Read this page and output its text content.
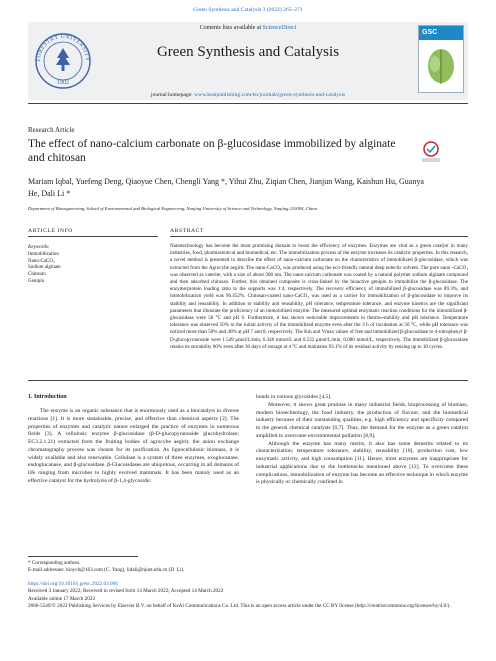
Green Synthesis and Catalysis 3 (2022) 265–271
FORESTRY UNIVERSITY
1902
Contents lists available at ScienceDirect
Green Synthesis and Catalysis
GSC
journal homepage: www.keaipublishing.com/en/journals/green-synthesis-and-catalysis
Research Article
The effect of nano-calcium carbonate on β-glucosidase immobilized by alginate and chitosan
Mariam Iqbal, Yuefeng Deng, Qiaoyue Chen, Chengli Yang *, Yihui Zhu, Ziqian Chen, Jianjun Wang, Kaishun Hu, Guanya He, Dali Li *
Department of Bioengineering, School of Environmental and Biological Engineering, Nanjing University of Science and Technology, Nanjing 210094, China
ARTICLE INFO	ABSTRACT
Keywords:
Immobilization
Nano-CaCO₃
Sodium alginate
Chitosan
Genipin
Nanotechnology has become the most promising domain to boost the efficiency of enzymes. Enzymes are vital as a green catalyst in many industries, food, pharmaceutical and biomedical, etc. The immobilization process of the enzyme increases its catalytic properties. In this research, a novel method is presented to describe the effect of nano-calcium carbonate on the characteristics of immobilized β-glucosidase, which was extracted from the Agrocybe aegirit. The nano-CaCO₃ was produced using the eco-friendly natural deep eutectic solvent. The pure nano -CaCO₃ was observed as vaterite, with a size of about 300 nm. The nano-calcium carbonate was coated by a natural polymer sodium alginate compound and then adsorbed chitosan. Further, this obtained composite is cross-linked by the bioactive genipin to immobilize the β-glucosidase. The enzyme/protein loading ratio to the supports was 1:4, respectively. The recovery efficiency of immobilized β-glucosidase was 89.3%, and immobilization yield was 96.452%. Chitosan-coated nano-CaCO₃ was used as a carrier for immobilization of β-glucosidase to improve its stability and reusability. In addition to stability and reusability, pH tolerance, temperature tolerance, and enzyme kinetics are the significant parameters that illustrate the proficiency of an immobilized enzyme. The measured optimal enzymatic reaction conditions for the immobilized β-glucosidase were 50 °C and pH 6. Furthermore, it has shown noticeable improvements in thermo-stability and pH tolerance. Temperature tolerance was observed 50% to the initial activity of the immobilized enzyme even after the 3 h of incubation at 50 °C, while pH tolerance was noticed more than 50% and 40% at pH 7 and 8, respectively. The Km and Vmax values of free and immobilized β-glucosidase to 4-nitrophenyl β-D-glucopyranoside were 1.549 μmol/L/min, 0.346 mmol/L and 0.532 μmol/L/min, 0.080 mmol/L, respectively. The immobilized β-glucosidase retains its storability 80% even after 30 days of storage at 4 °C and maintains 93.1% of its residual activity by reusing up to 10 cycles.
1. Introduction
The enzyme is an organic substance that is enormously used as a biocatalyst in diverse reactions [1]. It is more sustainable, precise, and effective than chemical aspects [2]. The properties of enzymes and catalytic nature enlarged the practice of enzymes in numerous fields [3]. A cellulosic enzyme β-glucosidase (β-D-glucopyranoside glucohydrolase; EC3.2.1.21) extracted from the fruiting bodies of agrocybe aegirit, the anion exchange chromatography process was chosen for its purification. As lignocellulosic biomass, it is widely available and also renewable. Cellulase is a system of three enzymes, exoglucanase, endoglucanase, and β-glucosidase. β-Glucosidases are ubiquitous, occurring in all domains of life ranging from microbes to highly evolved mammals. It has been mainly used as an effective catalyst for the hydrolysis of β-1,4-glycosidic
bonds in various glycosides [4,5].
Moreover, it shows great promise in many industrial fields, bioprocessing of biomass, modern biotechnology, the food industry, the production of flavour, and the biomedical industry because of their outstanding qualities, e.g. high efficiency and specificity compared to the general chemical catalysts [6,7]. Thus, the demand for the enzyme as a green catalyst amplified to overcome environmental pollution [8,9].
Although the enzyme has many merits, it also has some demerits related to its characterization; temperature tolerance, stability, reusability [10], production cost, low enzymatic activity, and high consumption [11]. Hence, most enzymes are inappropriate for industrial applications due to the bottlenecks mentioned above [12]. To overcome these complications, immobilization of enzyme has become an effective technique in which enzyme is physically or chemically confined in
* Corresponding authors.
E-mail addresses: bioych@163.com (C. Yang), lidali@njust.edu.cn (D. Li).
https://doi.org/10.1016/j.gresc.2022.03.006
Received 3 January 2022; Received in revised form 14 March 2022; Accepted 14 March 2022
Available online 17 March 2022
2666-5549/© 2022 Publishing Services by Elsevier B.V. on behalf of KeAi Communications Co. Ltd. This is an open access article under the CC BY license (http://creativecommons.org/licenses/by/4.0/).
